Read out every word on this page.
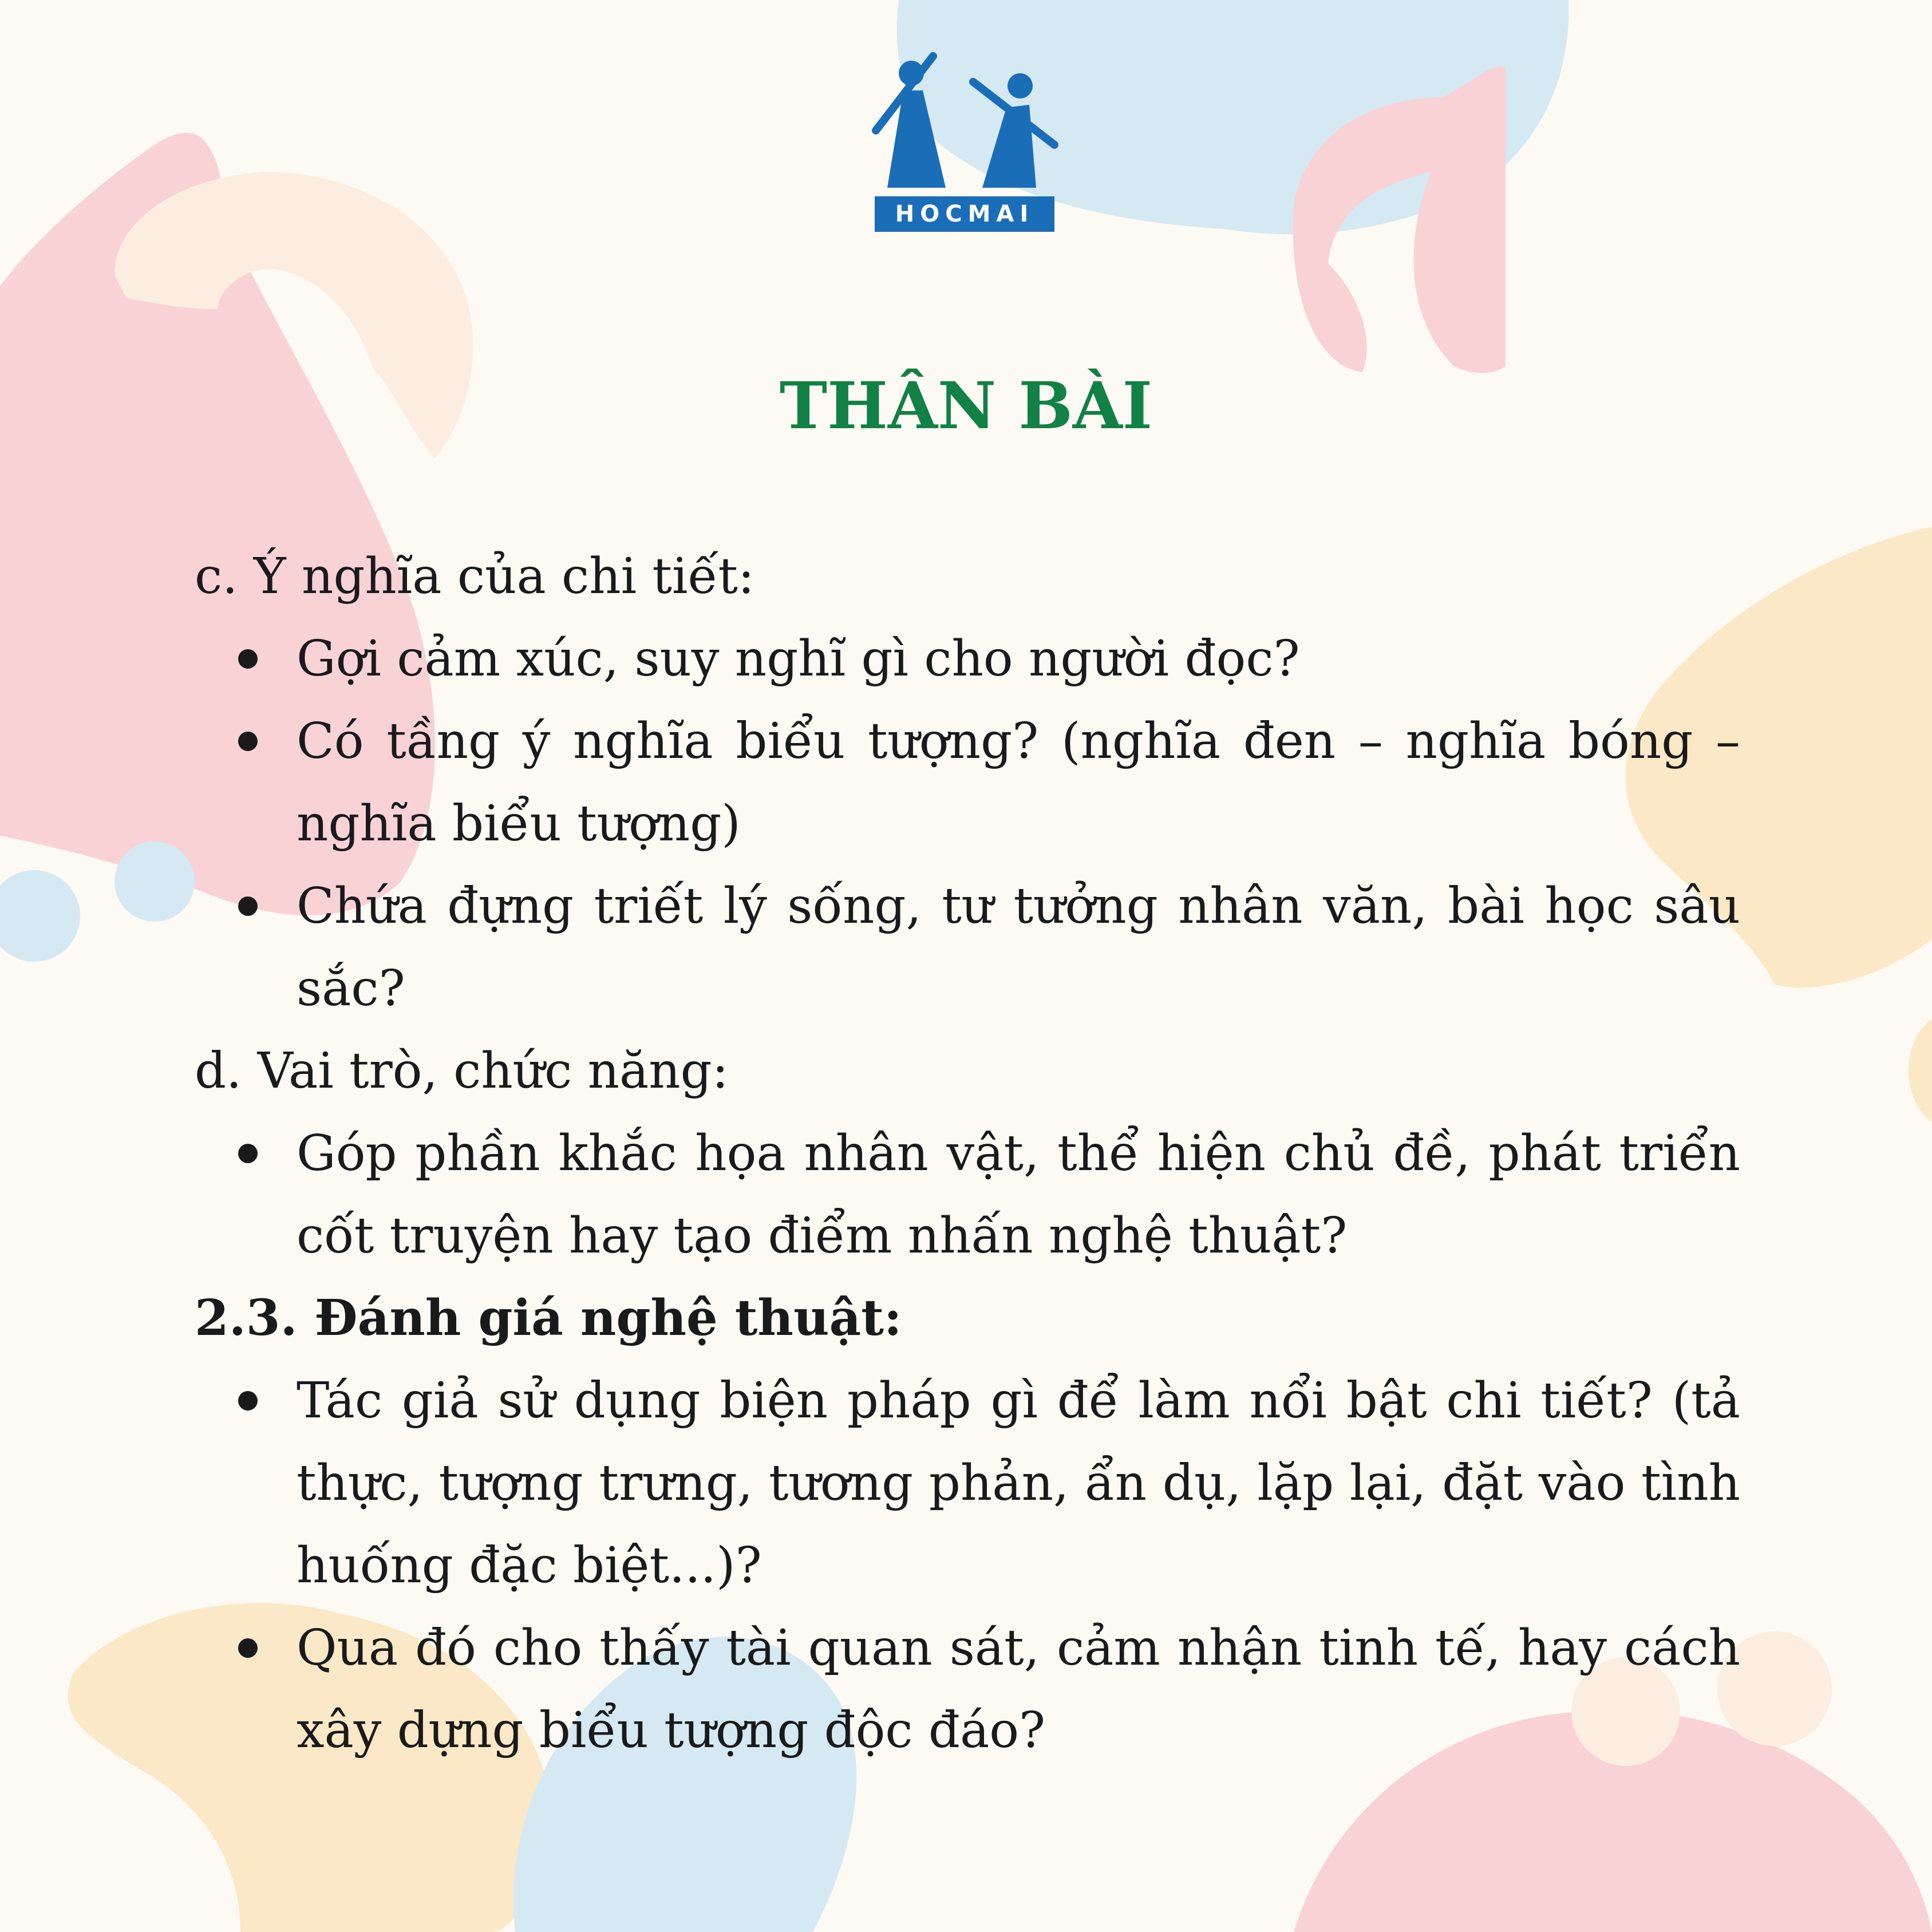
HOCMAI
THÂN BÀI

c. Ý nghĩa của chi tiết:

Gợi cảm xúc, suy nghĩ gì cho người đọc?
Có tầng ý nghĩa biểu tượng? (nghĩa đen – nghĩa bóng – nghĩa biểu tượng)
Chứa đựng triết lý sống, tư tưởng nhân văn, bài học sâu sắc?

d. Vai trò, chức năng:

Góp phần khắc họa nhân vật, thể hiện chủ đề, phát triển cốt truyện hay tạo điểm nhấn nghệ thuật?

2.3. Đánh giá nghệ thuật:

Tác giả sử dụng biện pháp gì để làm nổi bật chi tiết? (tả thực, tượng trưng, tương phản, ẩn dụ, lặp lại, đặt vào tình huống đặc biệt...)?
Qua đó cho thấy tài quan sát, cảm nhận tinh tế, hay cách xây dựng biểu tượng độc đáo?
